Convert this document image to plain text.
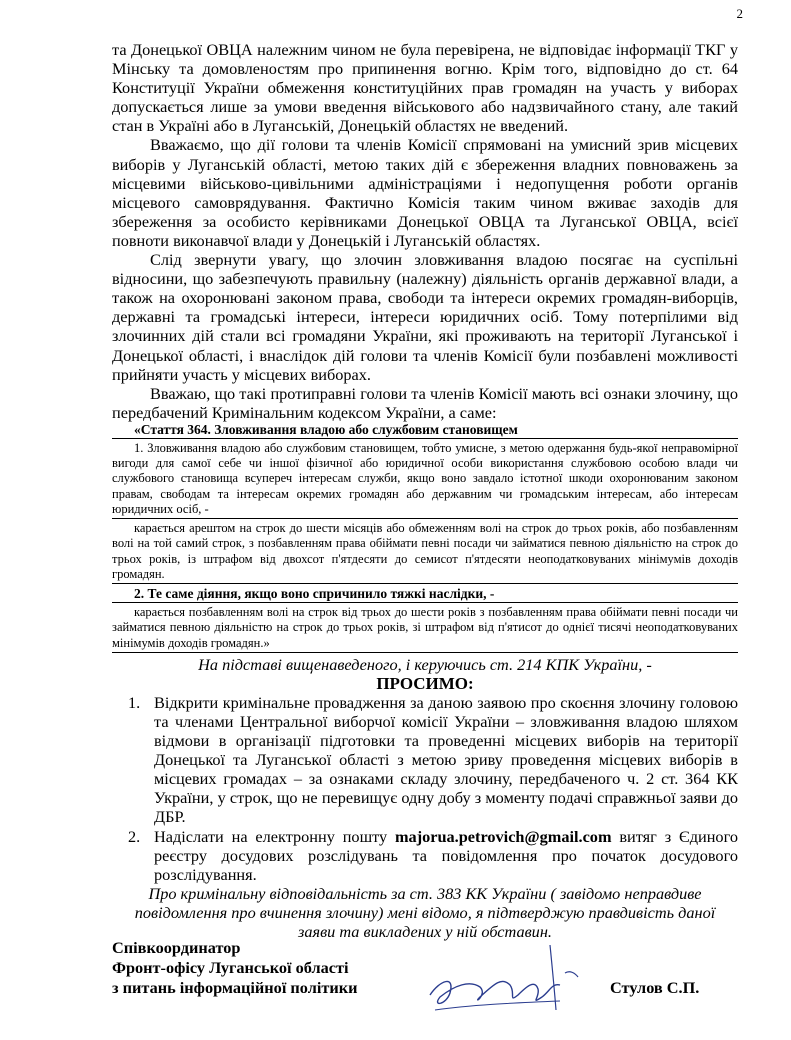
2

та Донецької ОВЦА належним чином не була перевірена, не відповідає інформації ТКГ у Мінську та домовленостям про припинення вогню. Крім того, відповідно до ст. 64 Конституції України обмеження конституційних прав громадян на участь у виборах допускається лише за умови введення військового або надзвичайного стану, але такий стан в Україні або в Луганській, Донецькій областях не введений.

Вважаємо, що дії голови та членів Комісії спрямовані на умисний зрив місцевих виборів у Луганській області, метою таких дій є збереження владних повноважень за місцевими військово-цивільними адміністраціями і недопущення роботи органів місцевого самоврядування. Фактично Комісія таким чином вживає заходів для збереження за особисто керівниками Донецької ОВЦА та Луганської ОВЦА, всієї повноти виконавчої влади у Донецькій і Луганській областях.

Слід звернути увагу, що злочин зловживання владою посягає на суспільні відносини, що забезпечують правильну (належну) діяльність органів державної влади, а також на охоронювані законом права, свободи та інтереси окремих громадян-виборців, державні та громадські інтереси, інтереси юридичних осіб. Тому потерпілими від злочинних дій стали всі громадяни України, які проживають на території Луганської і Донецької області, і внаслідок дій голови та членів Комісії були позбавлені можливості прийняти участь у місцевих виборах.

Вважаю, що такі протиправні голови та членів Комісії мають всі ознаки злочину, що передбачений Кримінальним кодексом України, а саме:

«Стаття 364. Зловживання владою або службовим становищем

1. Зловживання владою або службовим становищем, тобто умисне, з метою одержання будь-якої неправомірної вигоди для самої себе чи іншої фізичної або юридичної особи використання службовою особою влади чи службового становища всупереч інтересам служби, якщо воно завдало істотної шкоди охоронюваним законом правам, свободам та інтересам окремих громадян або державним чи громадським інтересам, або інтересам юридичних осіб, -

карається арештом на строк до шести місяців або обмеженням волі на строк до трьох років, або позбавленням волі на той самий строк, з позбавленням права обіймати певні посади чи займатися певною діяльністю на строк до трьох років, із штрафом від двохсот п'ятдесяти до семисот п'ятдесяти неоподатковуваних мінімумів доходів громадян.

2. Те саме діяння, якщо воно спричинило тяжкі наслідки, -

карається позбавленням волі на строк від трьох до шести років з позбавленням права обіймати певні посади чи займатися певною діяльністю на строк до трьох років, зі штрафом від п'ятисот до однієї тисячі неоподатковуваних мінімумів доходів громадян.»

На підставі вищенаведеного, і керуючись ст. 214 КПК України, -

ПРОСИМО:

1. Відкрити кримінальне провадження за даною заявою про скоєння злочину головою та членами Центральної виборчої комісії України – зловживання владою шляхом відмови в організації підготовки та проведенні місцевих виборів на території Донецької та Луганської області з метою зриву проведення місцевих виборів в місцевих громадах – за ознаками складу злочину, передбаченого ч. 2 ст. 364 КК України, у строк, що не перевищує одну добу з моменту подачі справжньої заяви до ДБР.
2. Надіслати на електронну пошту majorua.petrovich@gmail.com витяг з Єдиного реєстру досудових розслідувань та повідомлення про початок досудового розслідування.

Про кримінальну відповідальність за ст. 383 КК України ( завідомо неправдиве повідомлення про вчинення злочину) мені відомо, я підтверджую правдивість даної заяви та викладених у ній обставин.

Співкоординатор
Фронт-офісу Луганської області
з питань інформаційної політики	Стулов С.П.
